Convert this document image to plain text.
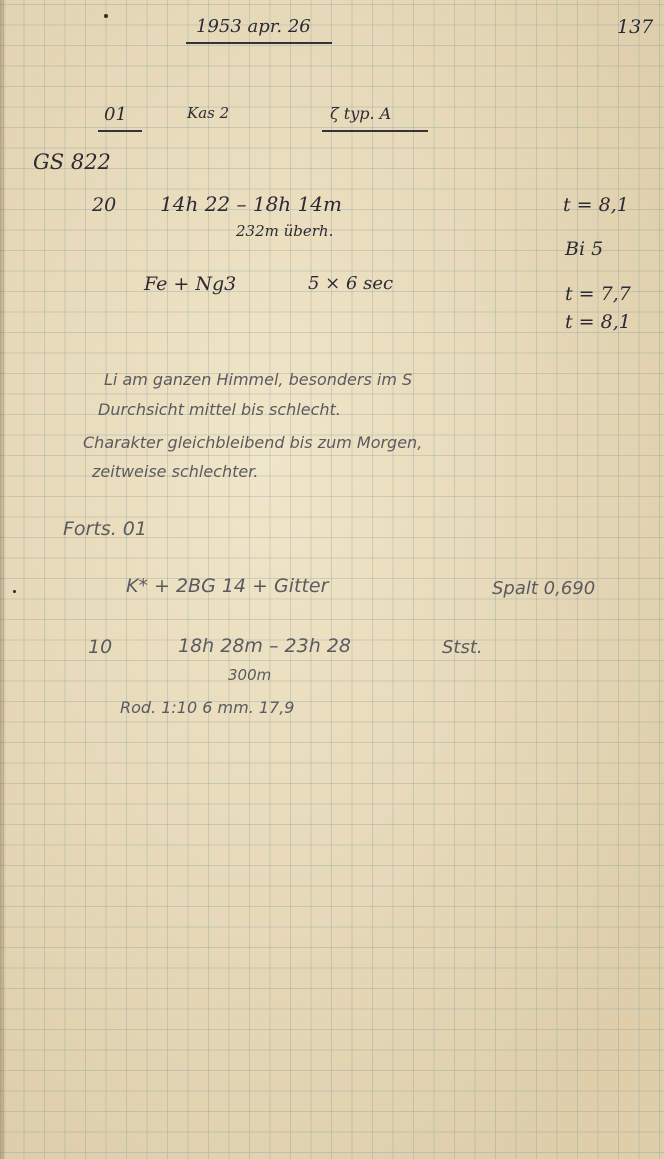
1953 apr. 26	137
01	Kas 2	ζ typ. A
GS 822
20 14h 22 – 18h 14m
232m überh.
t = 8,1
Bi 5
t = 7,7
t = 8,1
Fe + Ng3	5 × 6 sec
Li am ganzen Himmel, besonders im S
Durchsicht mittel bis schlecht.
Charakter gleichbleibend bis zum Morgen,
zeitweise schlechter.
Forts. 01
K* + 2BG 14 + Gitter	Spalt 0,690
10	18h 28m – 23h 28	Stst.
300m
Rod. 1:10 6 mm. 17,9
